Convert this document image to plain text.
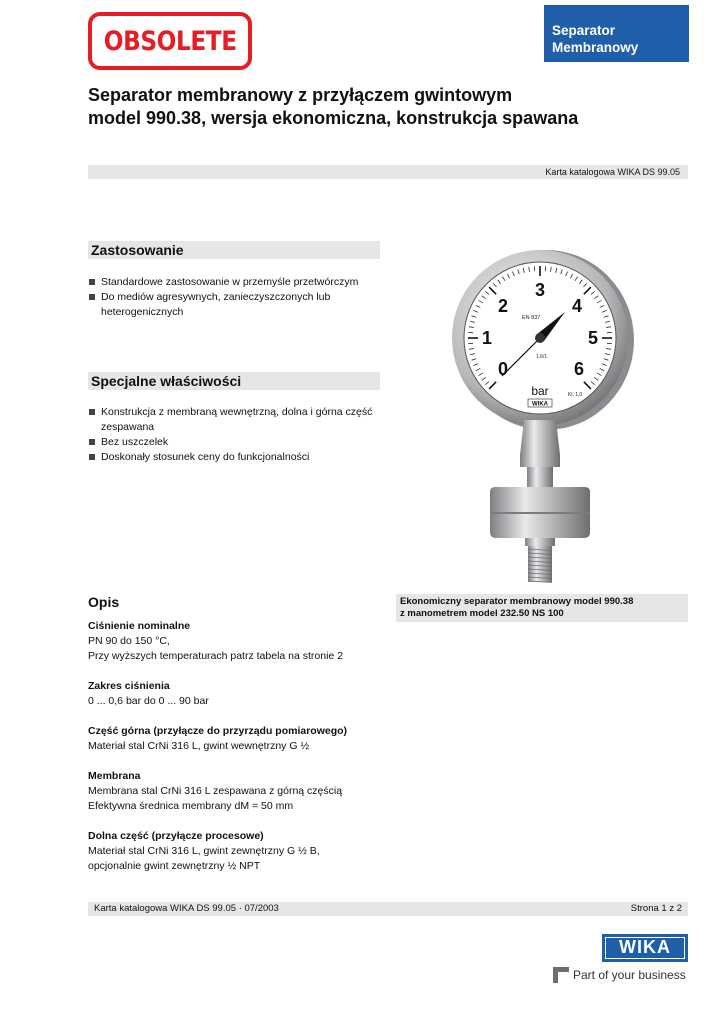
OBSOLETE	Separator
Membranowy
Separator membranowy z przyłączem gwintowym
model 990.38, wersja ekonomiczna, konstrukcja spawana
Karta katalogowa WIKA DS 99.05
Zastosowanie
Standardowe zastosowanie w przemyśle przetwórczym
Do mediów agresywnych, zanieczyszczonych lub heterogenicznych
Specjalne właściwości
Konstrukcja z membraną wewnętrzną, dolna i górna część zespawana
Bez uszczelek
Doskonały stosunek ceny do funkcjonalności
0
1
2
3
4
5
6
EN 837
1,6/1
bar	Kl. 1,0
WIKA
Ekonomiczny separator membranowy model 990.38
z manometrem model 232.50 NS 100
Opis
Ciśnienie nominalne
PN 90 do 150 °C,
Przy wyższych temperaturach patrz tabela na stronie 2
Zakres ciśnienia
0 ... 0,6 bar do 0 ... 90 bar
Część górna (przyłącze do przyrządu pomiarowego)
Materiał stal CrNi 316 L, gwint wewnętrzny G ½
Membrana
Membrana stal CrNi 316 L zespawana z górną częścią
Efektywna średnica membrany dM = 50 mm
Dolna część (przyłącze procesowe)
Materiał stal CrNi 316 L, gwint zewnętrzny G ½ B,
opcjonalnie gwint zewnętrzny ½ NPT
Karta katalogowa WIKA DS 99.05 · 07/2003	Strona 1 z 2
WIKA
Part of your business
